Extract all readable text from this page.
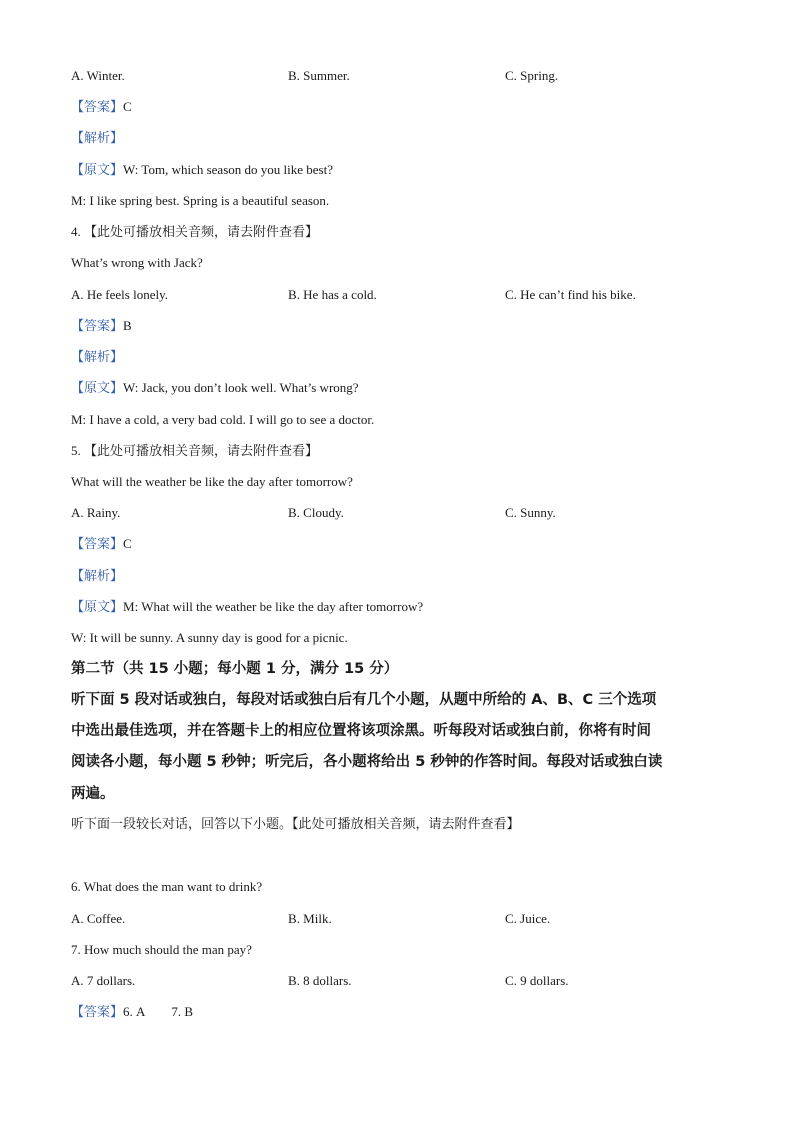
A. Winter.	B. Summer.	C. Spring.
【答案】C
【解析】
【原文】W: Tom, which season do you like best?
M: I like spring best. Spring is a beautiful season.
4. 【此处可播放相关音频，请去附件查看】
What’s wrong with Jack?
A. He feels lonely.	B. He has a cold.	C. He can’t find his bike.
【答案】B
【解析】
【原文】W: Jack, you don’t look well. What’s wrong?
M: I have a cold, a very bad cold. I will go to see a doctor.
5. 【此处可播放相关音频，请去附件查看】
What will the weather be like the day after tomorrow?
A. Rainy.	B. Cloudy.	C. Sunny.
【答案】C
【解析】
【原文】M: What will the weather be like the day after tomorrow?
W: It will be sunny. A sunny day is good for a picnic.
第二节（共 15 小题；每小题 1 分，满分 15 分）
听下面 5 段对话或独白，每段对话或独白后有几个小题，从题中所给的 A、B、C 三个选项
中选出最佳选项，并在答题卡上的相应位置将该项涂黑。听每段对话或独白前，你将有时间
阅读各小题，每小题 5 秒钟；听完后，各小题将给出 5 秒钟的作答时间。每段对话或独白读
两遍。
听下面一段较长对话，回答以下小题。【此处可播放相关音频，请去附件查看】
6. What does the man want to drink?
A. Coffee.	B. Milk.	C. Juice.
7. How much should the man pay?
A. 7 dollars.	B. 8 dollars.	C. 9 dollars.
【答案】6. A 7. B
